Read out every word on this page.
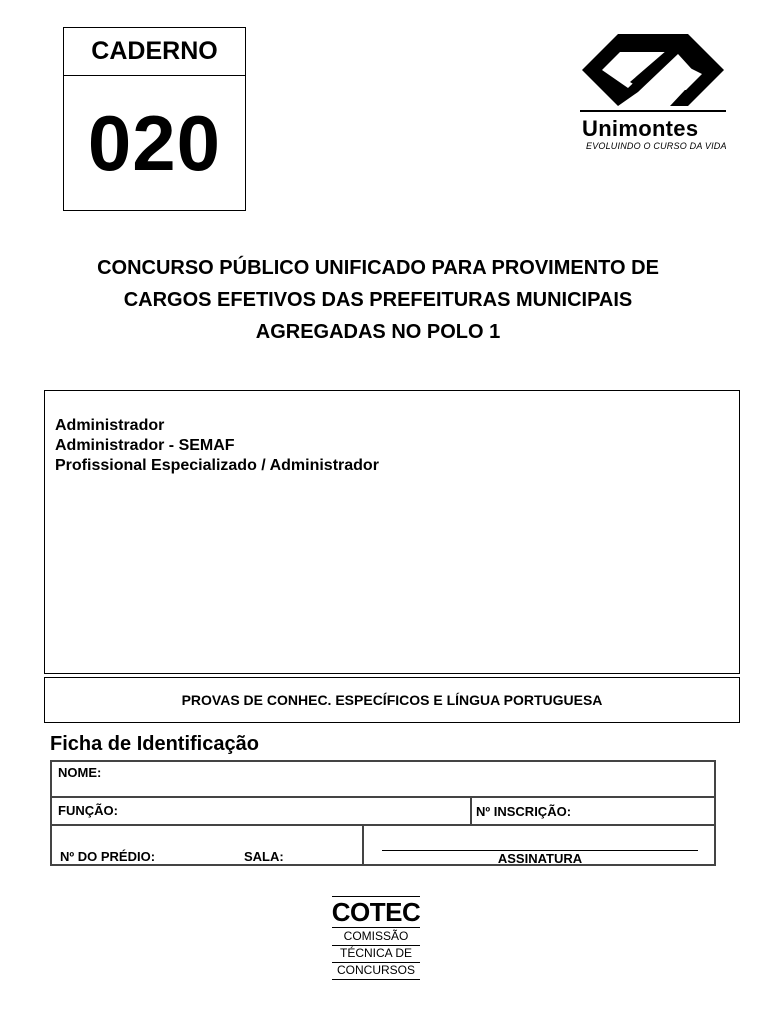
CADERNO
020	Unimontes
EVOLUINDO O CURSO DA VIDA
CONCURSO PÚBLICO UNIFICADO PARA PROVIMENTO DE
CARGOS EFETIVOS DAS PREFEITURAS MUNICIPAIS
AGREGADAS NO POLO 1
Administrador
Administrador - SEMAF
Profissional Especializado / Administrador
PROVAS DE CONHEC. ESPECÍFICOS E LÍNGUA PORTUGUESA
Ficha de Identificação
NOME:
FUNÇÃO:	Nº INSCRIÇÃO:
Nº DO PRÉDIO:	SALA:	ASSINATURA
COTEC
COMISSÃO
TÉCNICA DE
CONCURSOS
